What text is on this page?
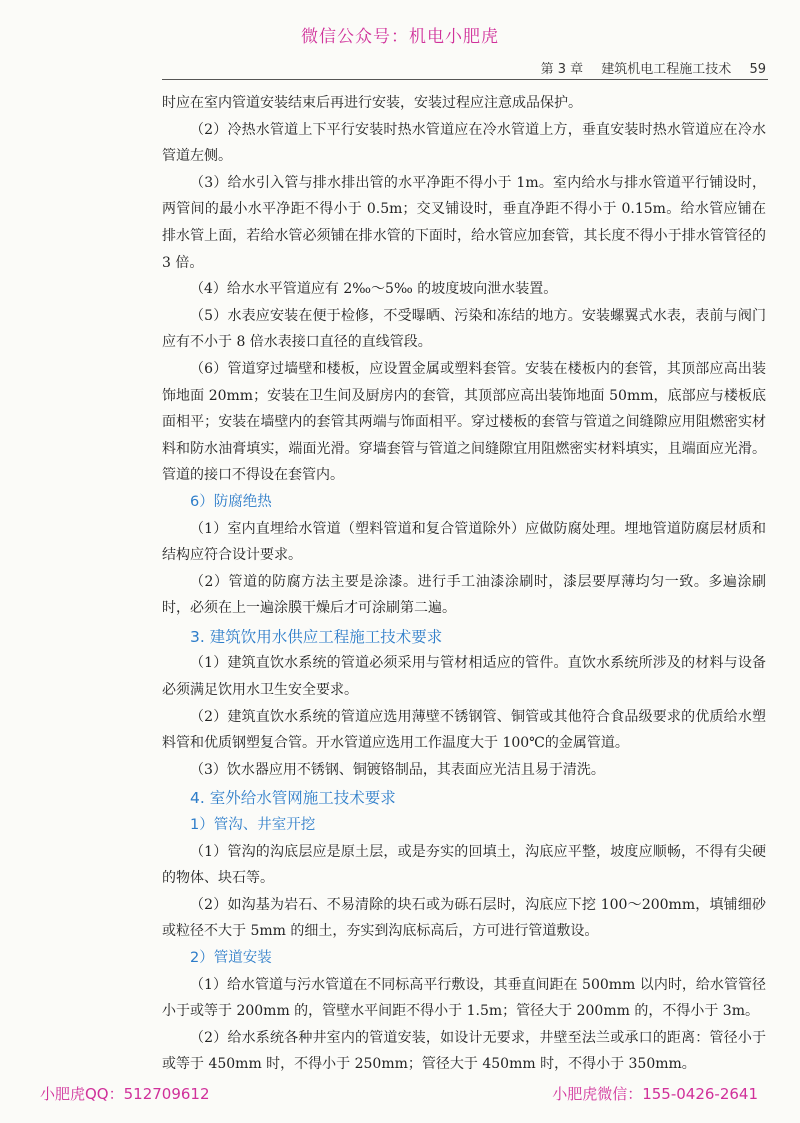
微信公众号：机电小肥虎
第 3 章 建筑机电工程施工技术 59

时应在室内管道安装结束后再进行安装，安装过程应注意成品保护。

（2）冷热水管道上下平行安装时热水管道应在冷水管道上方，垂直安装时热水管道应在冷水管道左侧。

（3）给水引入管与排水排出管的水平净距不得小于 1m。室内给水与排水管道平行铺设时，两管间的最小水平净距不得小于 0.5m；交叉铺设时，垂直净距不得小于 0.15m。给水管应铺在排水管上面，若给水管必须铺在排水管的下面时，给水管应加套管，其长度不得小于排水管管径的 3 倍。

（4）给水水平管道应有 2‰～5‰ 的坡度坡向泄水装置。

（5）水表应安装在便于检修，不受曝晒、污染和冻结的地方。安装螺翼式水表，表前与阀门应有不小于 8 倍水表接口直径的直线管段。

（6）管道穿过墙壁和楼板，应设置金属或塑料套管。安装在楼板内的套管，其顶部应高出装饰地面 20mm；安装在卫生间及厨房内的套管，其顶部应高出装饰地面 50mm，底部应与楼板底面相平；安装在墙壁内的套管其两端与饰面相平。穿过楼板的套管与管道之间缝隙应用阻燃密实材料和防水油膏填实，端面光滑。穿墙套管与管道之间缝隙宜用阻燃密实材料填实，且端面应光滑。管道的接口不得设在套管内。

6）防腐绝热

（1）室内直埋给水管道（塑料管道和复合管道除外）应做防腐处理。埋地管道防腐层材质和结构应符合设计要求。

（2）管道的防腐方法主要是涂漆。进行手工油漆涂刷时，漆层要厚薄均匀一致。多遍涂刷时，必须在上一遍涂膜干燥后才可涂刷第二遍。

3. 建筑饮用水供应工程施工技术要求

（1）建筑直饮水系统的管道必须采用与管材相适应的管件。直饮水系统所涉及的材料与设备必须满足饮用水卫生安全要求。

（2）建筑直饮水系统的管道应选用薄壁不锈钢管、铜管或其他符合食品级要求的优质给水塑料管和优质钢塑复合管。开水管道应选用工作温度大于 100℃的金属管道。

（3）饮水器应用不锈钢、铜镀铬制品，其表面应光洁且易于清洗。

4. 室外给水管网施工技术要求
1）管沟、井室开挖

（1）管沟的沟底层应是原土层，或是夯实的回填土，沟底应平整，坡度应顺畅，不得有尖硬的物体、块石等。

（2）如沟基为岩石、不易清除的块石或为砾石层时，沟底应下挖 100～200mm，填铺细砂或粒径不大于 5mm 的细土，夯实到沟底标高后，方可进行管道敷设。

2）管道安装

（1）给水管道与污水管道在不同标高平行敷设，其垂直间距在 500mm 以内时，给水管管径小于或等于 200mm 的，管壁水平间距不得小于 1.5m；管径大于 200mm 的，不得小于 3m。

（2）给水系统各种井室内的管道安装，如设计无要求，井壁至法兰或承口的距离：管径小于或等于 450mm 时，不得小于 250mm；管径大于 450mm 时，不得小于 350mm。

小肥虎QQ：512709612	小肥虎微信：155-0426-2641
